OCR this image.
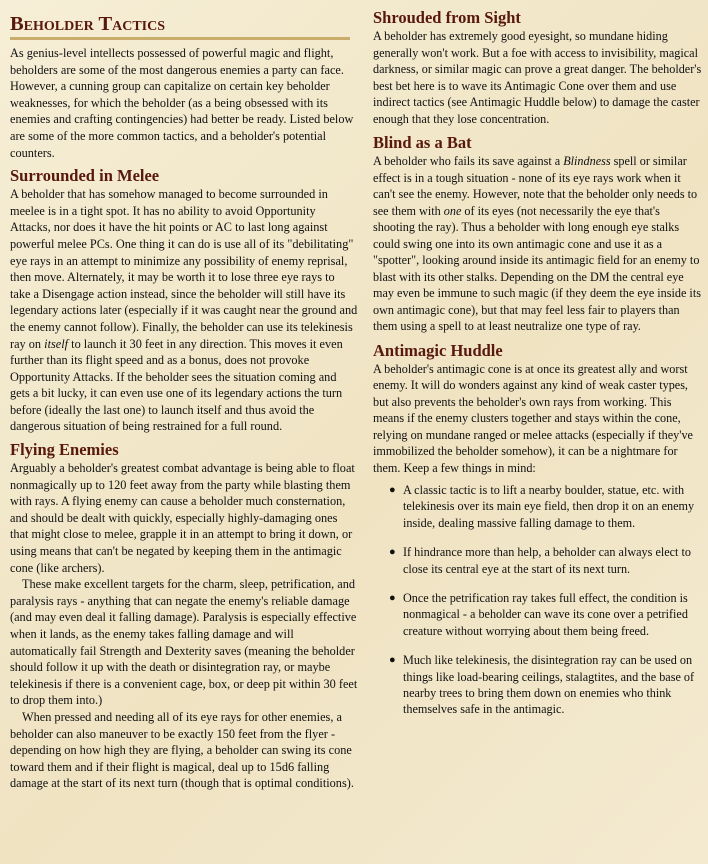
Beholder Tactics

As genius-level intellects possessed of powerful magic and flight, beholders are some of the most dangerous enemies a party can face. However, a cunning group can capitalize on certain key beholder weaknesses, for which the beholder (as a being obsessed with its enemies and crafting contingencies) had better be ready. Listed below are some of the more common tactics, and a beholder's potential counters.

Surrounded in Melee

A beholder that has somehow managed to become surrounded in meelee is in a tight spot. It has no ability to avoid Opportunity Attacks, nor does it have the hit points or AC to last long against powerful melee PCs. One thing it can do is use all of its "debilitating" eye rays in an attempt to minimize any possibility of enemy reprisal, then move. Alternately, it may be worth it to lose three eye rays to take a Disengage action instead, since the beholder will still have its legendary actions later (especially if it was caught near the ground and the enemy cannot follow). Finally, the beholder can use its telekinesis ray on itself to launch it 30 feet in any direction. This moves it even further than its flight speed and as a bonus, does not provoke Opportunity Attacks. If the beholder sees the situation coming and gets a bit lucky, it can even use one of its legendary actions the turn before (ideally the last one) to launch itself and thus avoid the dangerous situation of being restrained for a full round.

Flying Enemies

Arguably a beholder's greatest combat advantage is being able to float nonmagically up to 120 feet away from the party while blasting them with rays. A flying enemy can cause a beholder much consternation, and should be dealt with quickly, especially highly-damaging ones that might close to melee, grapple it in an attempt to bring it down, or using means that can't be negated by keeping them in the antimagic cone (like archers).

These make excellent targets for the charm, sleep, petrification, and paralysis rays - anything that can negate the enemy's reliable damage (and may even deal it falling damage). Paralysis is especially effective when it lands, as the enemy takes falling damage and will automatically fail Strength and Dexterity saves (meaning the beholder should follow it up with the death or disintegration ray, or maybe telekinesis if there is a convenient cage, box, or deep pit within 30 feet to drop them into.)

When pressed and needing all of its eye rays for other enemies, a beholder can also maneuver to be exactly 150 feet from the flyer - depending on how high they are flying, a beholder can swing its cone toward them and if their flight is magical, deal up to 15d6 falling damage at the start of its next turn (though that is optimal conditions).

Shrouded from Sight

A beholder has extremely good eyesight, so mundane hiding generally won't work. But a foe with access to invisibility, magical darkness, or similar magic can prove a great danger. The beholder's best bet here is to wave its Antimagic Cone over them and use indirect tactics (see Antimagic Huddle below) to damage the caster enough that they lose concentration.

Blind as a Bat

A beholder who fails its save against a Blindness spell or similar effect is in a tough situation - none of its eye rays work when it can't see the enemy. However, note that the beholder only needs to see them with one of its eyes (not necessarily the eye that's shooting the ray). Thus a beholder with long enough eye stalks could swing one into its own antimagic cone and use it as a "spotter", looking around inside its antimagic field for an enemy to blast with its other stalks. Depending on the DM the central eye may even be immune to such magic (if they deem the eye inside its own antimagic cone), but that may feel less fair to players than them using a spell to at least neutralize one type of ray.

Antimagic Huddle

A beholder's antimagic cone is at once its greatest ally and worst enemy. It will do wonders against any kind of weak caster types, but also prevents the beholder's own rays from working. This means if the enemy clusters together and stays within the cone, relying on mundane ranged or melee attacks (especially if they've immobilized the beholder somehow), it can be a nightmare for them. Keep a few things in mind:

● A classic tactic is to lift a nearby boulder, statue, etc. with telekinesis over its main eye field, then drop it on an enemy inside, dealing massive falling damage to them.
● If hindrance more than help, a beholder can always elect to close its central eye at the start of its next turn.
● Once the petrification ray takes full effect, the condition is nonmagical - a beholder can wave its cone over a petrified creature without worrying about them being freed.
● Much like telekinesis, the disintegration ray can be used on things like load-bearing ceilings, stalagtites, and the base of nearby trees to bring them down on enemies who think themselves safe in the antimagic.
